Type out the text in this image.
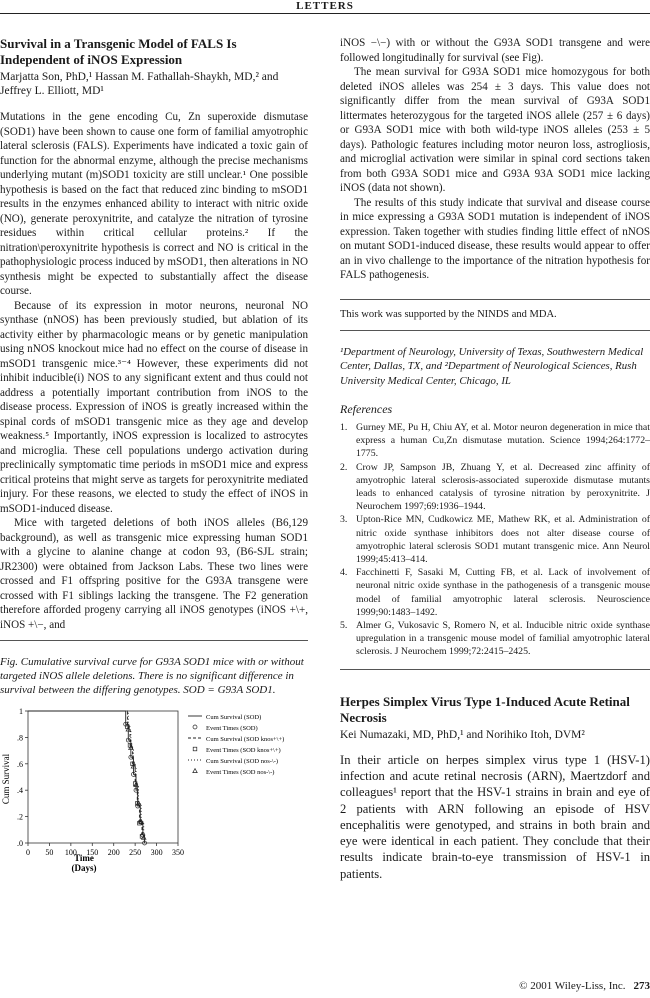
LETTERS
Survival in a Transgenic Model of FALS Is Independent of iNOS Expression

Marjatta Son, PhD,¹ Hassan M. Fathallah-Shaykh, MD,² and Jeffrey L. Elliott, MD¹

Mutations in the gene encoding Cu, Zn superoxide dismutase (SOD1) have been shown to cause one form of familial amyotrophic lateral sclerosis (FALS). Experiments have indicated a toxic gain of function for the abnormal enzyme, although the precise mechanisms underlying mutant (m)SOD1 toxicity are still unclear.¹ One possible hypothesis is based on the fact that reduced zinc binding to mSOD1 results in the enzymes enhanced ability to interact with nitric oxide (NO), generate peroxynitrite, and catalyze the nitration of tyrosine residues within critical cellular proteins.² If the nitration\peroxynitrite hypothesis is correct and NO is critical in the pathophysiologic process induced by mSOD1, then alterations in NO synthesis might be expected to substantially affect the disease course.

Because of its expression in motor neurons, neuronal NO synthase (nNOS) has been previously studied, but ablation of its activity either by pharmacologic means or by genetic manipulation using nNOS knockout mice had no effect on the course of disease in mSOD1 transgenic mice.³⁻⁴ However, these experiments did not inhibit inducible(i) NOS to any significant extent and thus could not address a potentially important contribution from iNOS to the disease process. Expression of iNOS is greatly increased within the spinal cords of mSOD1 transgenic mice as they age and develop weakness.⁵ Importantly, iNOS expression is localized to astrocytes and microglia. These cell populations undergo activation during preclinically symptomatic time periods in mSOD1 mice and express critical proteins that might serve as targets for peroxynitrite mediated injury. For these reasons, we elected to study the effect of iNOS in mSOD1-induced disease.

Mice with targeted deletions of both iNOS alleles (B6,129 background), as well as transgenic mice expressing human SOD1 with a glycine to alanine change at codon 93, (B6-SJL strain; JR2300) were obtained from Jackson Labs. These two lines were crossed and F1 offspring positive for the G93A transgene were crossed with F1 siblings lacking the transgene. The F2 generation therefore afforded progeny carrying all iNOS genotypes (iNOS +\+, iNOS +\−, and

Fig. Cumulative survival curve for G93A SOD1 mice with or without targeted iNOS allele deletions. There is no significant difference in survival between the differing genotypes. SOD = G93A SOD1.

Cum Survival
Time (Days)
.0
.2
.4
.6
.8
1
0 50 100 150 200 250 300 350
Cum Survival (SOD)
Event Times (SOD)
Cum Survival (SOD knos+\+)
Event Times (SOD knos+\+)
Cum Survival (SOD nos-\-)
Event Times (SOD nos-\-)

iNOS −\−) with or without the G93A SOD1 transgene and were followed longitudinally for survival (see Fig).

The mean survival for G93A SOD1 mice homozygous for both deleted iNOS alleles was 254 ± 3 days. This value does not significantly differ from the mean survival of G93A SOD1 littermates heterozygous for the targeted iNOS allele (257 ± 6 days) or G93A SOD1 mice with both wild-type iNOS alleles (253 ± 5 days). Pathologic features including motor neuron loss, astrogliosis, and microglial activation were similar in spinal cord sections taken from both G93A SOD1 mice and G93A 93A SOD1 mice lacking iNOS (data not shown).

The results of this study indicate that survival and disease course in mice expressing a G93A SOD1 mutation is independent of iNOS expression. Taken together with studies finding little effect of nNOS on mutant SOD1-induced disease, these results would appear to offer an in vivo challenge to the importance of the nitration hypothesis for FALS pathogenesis.

This work was supported by the NINDS and MDA.

¹Department of Neurology, University of Texas, Southwestern Medical Center, Dallas, TX, and ²Department of Neurological Sciences, Rush University Medical Center, Chicago, IL

References
1. Gurney ME, Pu H, Chiu AY, et al. Motor neuron degeneration in mice that express a human Cu,Zn dismutase mutation. Science 1994;264:1772–1775.
2. Crow JP, Sampson JB, Zhuang Y, et al. Decreased zinc affinity of amyotrophic lateral sclerosis-associated superoxide dismutase mutants leads to enhanced catalysis of tyrosine nitration by peroxynitrite. J Neurochem 1997;69:1936–1944.
3. Upton-Rice MN, Cudkowicz ME, Mathew RK, et al. Administration of nitric oxide synthase inhibitors does not alter disease course of amyotrophic lateral sclerosis SOD1 mutant transgenic mice. Ann Neurol 1999;45:413–414.
4. Facchinetti F, Sasaki M, Cutting FB, et al. Lack of involvement of neuronal nitric oxide synthase in the pathogenesis of a transgenic mouse model of familial amyotrophic lateral sclerosis. Neuroscience 1999;90:1483–1492.
5. Almer G, Vukosavic S, Romero N, et al. Inducible nitric oxide synthase upregulation in a transgenic mouse model of familial amyotrophic lateral sclerosis. J Neurochem 1999;72:2415–2425.
Herpes Simplex Virus Type 1-Induced Acute Retinal Necrosis

Kei Numazaki, MD, PhD,¹ and Norihiko Itoh, DVM²

In their article on herpes simplex virus type 1 (HSV-1) infection and acute retinal necrosis (ARN), Maertzdorf and colleagues¹ report that the HSV-1 strains in brain and eye of 2 patients with ARN following an episode of HSV encephalitis were genotyped, and strains in both brain and eye were identical in each patient. They conclude that their results indicate brain-to-eye transmission of HSV-1 in patients.

© 2001 Wiley-Liss, Inc. 273
